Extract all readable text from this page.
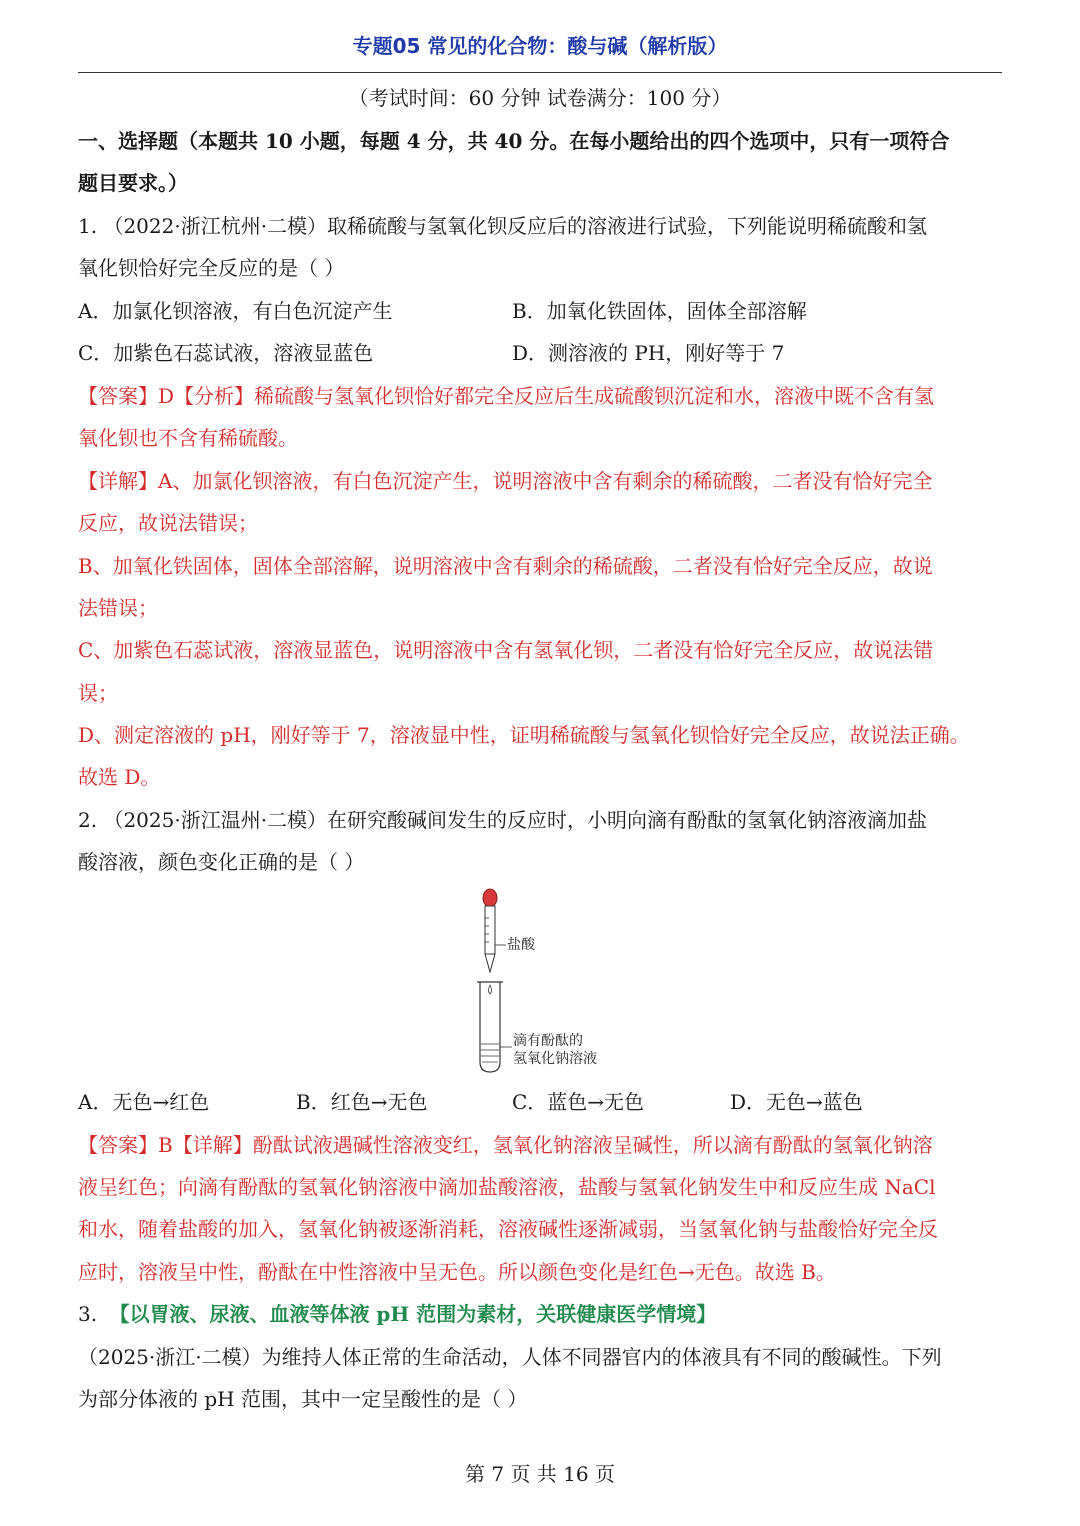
专题05 常见的化合物：酸与碱（解析版）
（考试时间：60 分钟 试卷满分：100 分）
一、选择题（本题共 10 小题，每题 4 分，共 40 分。在每小题给出的四个选项中，只有一项符合
题目要求。）
1. （2022·浙江杭州·二模）取稀硫酸与氢氧化钡反应后的溶液进行试验，下列能说明稀硫酸和氢
氧化钡恰好完全反应的是（ ）
A．加氯化钡溶液，有白色沉淀产生	B．加氧化铁固体，固体全部溶解
C．加紫色石蕊试液，溶液显蓝色	D．测溶液的 PH，刚好等于 7
【答案】D【分析】稀硫酸与氢氧化钡恰好都完全反应后生成硫酸钡沉淀和水，溶液中既不含有氢
氧化钡也不含有稀硫酸。
【详解】A、加氯化钡溶液，有白色沉淀产生，说明溶液中含有剩余的稀硫酸，二者没有恰好完全
反应，故说法错误；
B、加氧化铁固体，固体全部溶解，说明溶液中含有剩余的稀硫酸，二者没有恰好完全反应，故说
法错误；
C、加紫色石蕊试液，溶液显蓝色，说明溶液中含有氢氧化钡，二者没有恰好完全反应，故说法错
误；
D、测定溶液的 pH，刚好等于 7，溶液显中性，证明稀硫酸与氢氧化钡恰好完全反应，故说法正确。
故选 D。
2. （2025·浙江温州·二模）在研究酸碱间发生的反应时，小明向滴有酚酞的氢氧化钠溶液滴加盐
酸溶液，颜色变化正确的是（ ）
盐酸
滴有酚酞的
氢氧化钠溶液
A．无色→红色	B．红色→无色	C．蓝色→无色	D．无色→蓝色
【答案】B【详解】酚酞试液遇碱性溶液变红，氢氧化钠溶液呈碱性，所以滴有酚酞的氢氧化钠溶
液呈红色；向滴有酚酞的氢氧化钠溶液中滴加盐酸溶液，盐酸与氢氧化钠发生中和反应生成 NaCl
和水，随着盐酸的加入，氢氧化钠被逐渐消耗，溶液碱性逐渐减弱，当氢氧化钠与盐酸恰好完全反
应时，溶液呈中性，酚酞在中性溶液中呈无色。所以颜色变化是红色→无色。故选 B。
3. 【以胃液、尿液、血液等体液 pH 范围为素材，关联健康医学情境】
（2025·浙江·二模）为维持人体正常的生命活动，人体不同器官内的体液具有不同的酸碱性。下列
为部分体液的 pH 范围，其中一定呈酸性的是（ ）
第 7 页 共 16 页
